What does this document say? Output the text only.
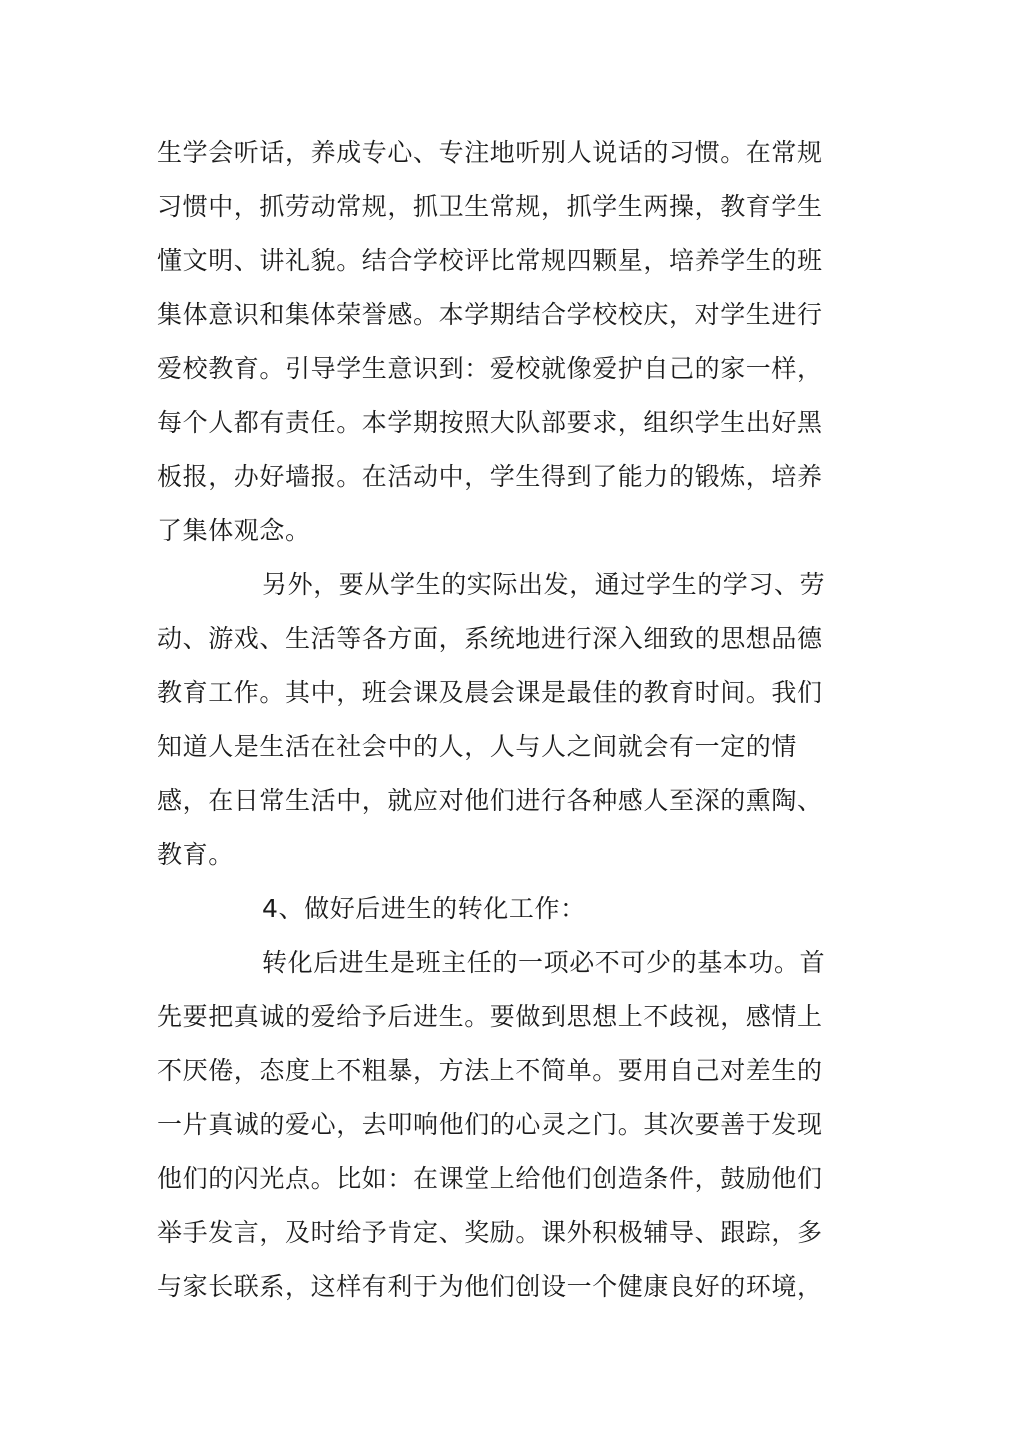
生学会听话，养成专心、专注地听别人说话的习惯。在常规
习惯中，抓劳动常规，抓卫生常规，抓学生两操，教育学生
懂文明、讲礼貌。结合学校评比常规四颗星，培养学生的班
集体意识和集体荣誉感。本学期结合学校校庆，对学生进行
爱校教育。引导学生意识到：爱校就像爱护自己的家一样，
每个人都有责任。本学期按照大队部要求，组织学生出好黑
板报，办好墙报。在活动中，学生得到了能力的锻炼，培养
了集体观念。
另外，要从学生的实际出发，通过学生的学习、劳
动、游戏、生活等各方面，系统地进行深入细致的思想品德
教育工作。其中，班会课及晨会课是最佳的教育时间。我们
知道人是生活在社会中的人，人与人之间就会有一定的情
感，在日常生活中，就应对他们进行各种感人至深的熏陶、
教育。
4、做好后进生的转化工作：
转化后进生是班主任的一项必不可少的基本功。首
先要把真诚的爱给予后进生。要做到思想上不歧视，感情上
不厌倦，态度上不粗暴，方法上不简单。要用自己对差生的
一片真诚的爱心，去叩响他们的心灵之门。其次要善于发现
他们的闪光点。比如：在课堂上给他们创造条件，鼓励他们
举手发言，及时给予肯定、奖励。课外积极辅导、跟踪，多
与家长联系，这样有利于为他们创设一个健康良好的环境，
